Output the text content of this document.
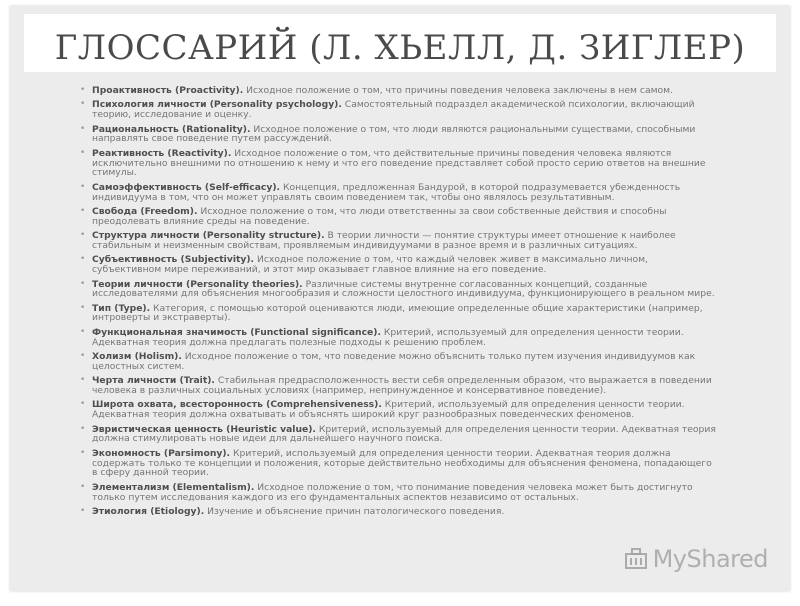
ГЛОССАРИЙ (Л. ХЬЕЛЛ, Д. ЗИГЛЕР)
• Проактивность (Proactivity). Исходное положение о том, что причины поведения человека заключены в нем самом.
• Психология личности (Personality psychology). Самостоятельный подраздел академической психологии, включающий теорию, исследование и оценку.
• Рациональность (Rationality). Исходное положение о том, что люди являются рациональными существами, способными направлять свое поведение путем рассуждений.
• Реактивность (Reactivity). Исходное положение о том, что действительные причины поведения человека являются исключительно внешними по отношению к нему и что его поведение представляет собой просто серию ответов на внешние стимулы.
• Самоэффективность (Self-efficacy). Концепция, предложенная Бандурой, в которой подразумевается убежденность индивидуума в том, что он может управлять своим поведением так, чтобы оно являлось результативным.
• Свобода (Freedom). Исходное положение о том, что люди ответственны за свои собственные действия и способны преодолевать влияние среды на поведение.
• Структура личности (Personality structure). В теории личности — понятие структуры имеет отношение к наиболее стабильным и неизменным свойствам, проявляемым индивидуумами в разное время и в различных ситуациях.
• Субъективность (Subjectivity). Исходное положение о том, что каждый человек живет в максимально личном, субъективном мире переживаний, и этот мир оказывает главное влияние на его поведение.
• Теории личности (Personality theories). Различные системы внутренне согласованных концепций, созданные исследователями для объяснения многообразия и сложности целостного индивидуума, функционирующего в реальном мире.
• Тип (Type). Категория, с помощью которой оцениваются люди, имеющие определенные общие характеристики (например, интроверты и экстраверты).
• Функциональная значимость (Functional significance). Критерий, используемый для определения ценности теории. Адекватная теория должна предлагать полезные подходы к решению проблем.
• Холизм (Holism). Исходное положение о том, что поведение можно объяснить только путем изучения индивидуумов как целостных систем.
• Черта личности (Trait). Стабильная предрасположенность вести себя определенным образом, что выражается в поведении человека в различных социальных условиях (например, непринужденное и консервативное поведение).
• Широта охвата, всесторонность (Comprehensiveness). Критерий, используемый для определения ценности теории. Адекватная теория должна охватывать и объяснять широкий круг разнообразных поведенческих феноменов.
• Эвристическая ценность (Heuristic value). Критерий, используемый для определения ценности теории. Адекватная теория должна стимулировать новые идеи для дальнейшего научного поиска.
• Экономность (Parsimony). Критерий, используемый для определения ценности теории. Адекватная теория должна содержать только те концепции и положения, которые действительно необходимы для объяснения феномена, попадающего в сферу данной теории.
• Элементализм (Elementalism). Исходное положение о том, что понимание поведения человека может быть достигнуто только путем исследования каждого из его фундаментальных аспектов независимо от остальных.
• Этиология (Etiology). Изучение и объяснение причин патологического поведения.
MyShared
